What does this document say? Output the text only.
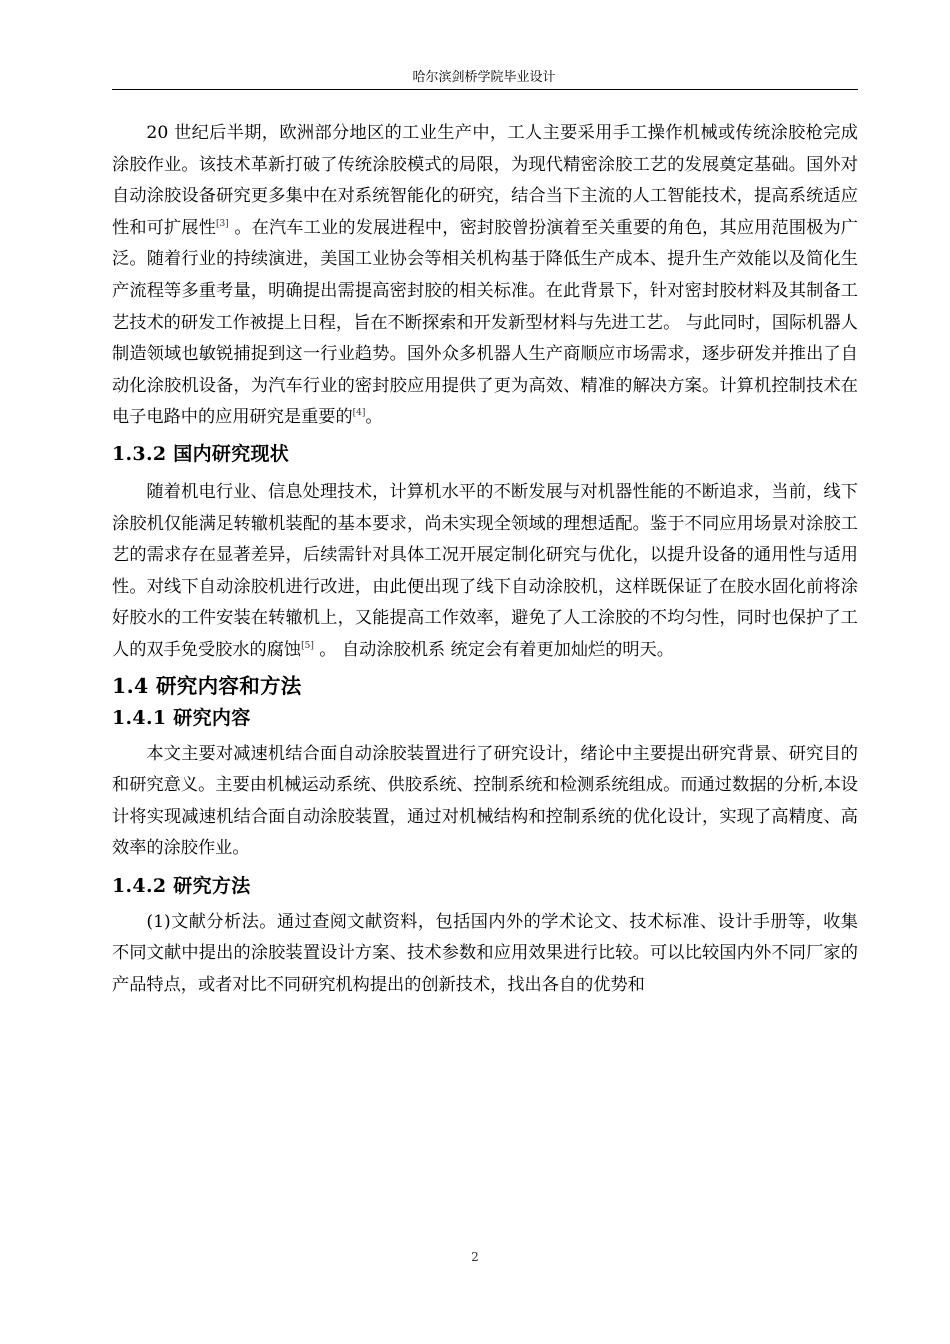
哈尔滨剑桥学院毕业设计

20 世纪后半期，欧洲部分地区的工业生产中，工人主要采用手工操作机械或传统涂胶枪完成涂胶作业。该技术革新打破了传统涂胶模式的局限，为现代精密涂胶工艺的发展奠定基础。国外对自动涂胶设备研究更多集中在对系统智能化的研究，结合当下主流的人工智能技术，提高系统适应性和可扩展性[3] 。在汽车工业的发展进程中，密封胶曾扮演着至关重要的角色，其应用范围极为广泛。随着行业的持续演进，美国工业协会等相关机构基于降低生产成本、提升生产效能以及简化生产流程等多重考量，明确提出需提高密封胶的相关标准。在此背景下，针对密封胶材料及其制备工艺技术的研发工作被提上日程，旨在不断探索和开发新型材料与先进工艺。 与此同时，国际机器人制造领域也敏锐捕捉到这一行业趋势。国外众多机器人生产商顺应市场需求，逐步研发并推出了自动化涂胶机设备，为汽车行业的密封胶应用提供了更为高效、精准的解决方案。计算机控制技术在电子电路中的应用研究是重要的[4]。

1.3.2 国内研究现状

随着机电行业、信息处理技术，计算机水平的不断发展与对机器性能的不断追求，当前，线下涂胶机仅能满足转辙机装配的基本要求，尚未实现全领域的理想适配。鉴于不同应用场景对涂胶工艺的需求存在显著差异，后续需针对具体工况开展定制化研究与优化，以提升设备的通用性与适用性。对线下自动涂胶机进行改进，由此便出现了线下自动涂胶机，这样既保证了在胶水固化前将涂好胶水的工件安装在转辙机上，又能提高工作效率，避免了人工涂胶的不均匀性，同时也保护了工人的双手免受胶水的腐蚀[5] 。 自动涂胶机系 统定会有着更加灿烂的明天。

1.4 研究内容和方法
1.4.1 研究内容

本文主要对减速机结合面自动涂胶装置进行了研究设计，绪论中主要提出研究背景、研究目的和研究意义。主要由机械运动系统、供胶系统、控制系统和检测系统组成。而通过数据的分析,本设计将实现减速机结合面自动涂胶装置，通过对机械结构和控制系统的优化设计，实现了高精度、高效率的涂胶作业。

1.4.2 研究方法

(1)文献分析法。通过查阅文献资料，包括国内外的学术论文、技术标准、设计手册等，收集不同文献中提出的涂胶装置设计方案、技术参数和应用效果进行比较。可以比较国内外不同厂家的产品特点，或者对比不同研究机构提出的创新技术，找出各自的优势和

2
